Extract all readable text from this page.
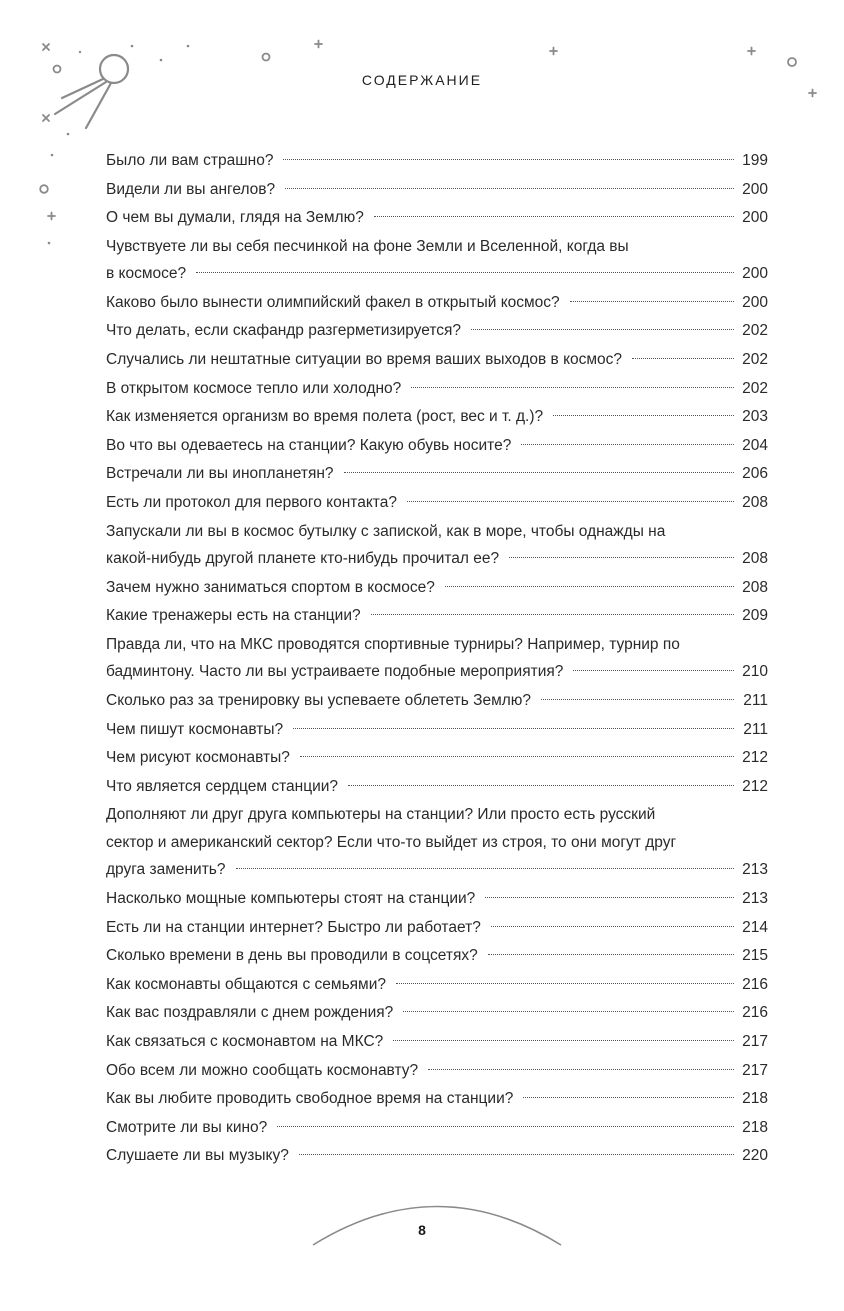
СОДЕРЖАНИЕ
Было ли вам страшно?	199
Видели ли вы ангелов?	200
О чем вы думали, глядя на Землю?	200
Чувствуете ли вы себя песчинкой на фоне Земли и Вселенной, когда вы
в космосе?	200
Каково было вынести олимпийский факел в открытый космос?	200
Что делать, если скафандр разгерметизируется?	202
Случались ли нештатные ситуации во время ваших выходов в космос?	202
В открытом космосе тепло или холодно?	202
Как изменяется организм во время полета (рост, вес и т. д.)?	203
Во что вы одеваетесь на станции? Какую обувь носите?	204
Встречали ли вы инопланетян?	206
Есть ли протокол для первого контакта?	208
Запускали ли вы в космос бутылку с запиской, как в море, чтобы однажды на
какой-нибудь другой планете кто-нибудь прочитал ее?	208
Зачем нужно заниматься спортом в космосе?	208
Какие тренажеры есть на станции?	209
Правда ли, что на МКС проводятся спортивные турниры? Например, турнир по
бадминтону. Часто ли вы устраиваете подобные мероприятия?	210
Сколько раз за тренировку вы успеваете облететь Землю?	211
Чем пишут космонавты?	211
Чем рисуют космонавты?	212
Что является сердцем станции?	212
Дополняют ли друг друга компьютеры на станции? Или просто есть русский
сектор и американский сектор? Если что-то выйдет из строя, то они могут друг
друга заменить?	213
Насколько мощные компьютеры стоят на станции?	213
Есть ли на станции интернет? Быстро ли работает?	214
Сколько времени в день вы проводили в соцсетях?	215
Как космонавты общаются с семьями?	216
Как вас поздравляли с днем рождения?	216
Как связаться с космонавтом на МКС?	217
Обо всем ли можно сообщать космонавту?	217
Как вы любите проводить свободное время на станции?	218
Смотрите ли вы кино?	218
Слушаете ли вы музыку?	220
8
